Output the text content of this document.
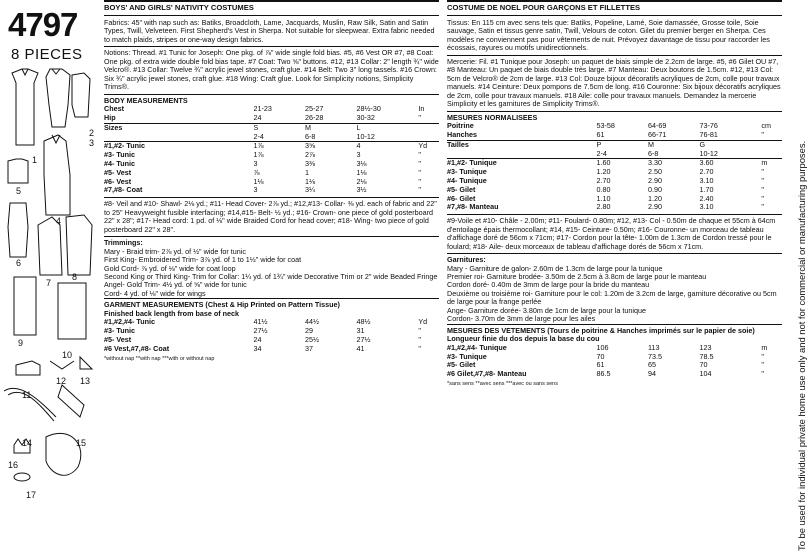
4797
8 PIECES
1
2
3
4
5
6
7
8
9
10
11
12 13
14	15
16
17
BOYS' AND GIRLS' NATIVITY COSTUMES

Fabrics: 45" with nap such as: Batiks, Broadcloth, Lame, Jacquards, Muslin, Raw Silk, Satin and Satin Types, Twill, Velveteen. First Shepherd's Vest in Sherpa. Not suitable for sleepwear. Extra fabric needed to match plaids, stripes or one-way design fabrics.

Notions: Thread. #1 Tunic for Joseph: One pkg. of ⅞" wide single fold bias. #5, #6 Vest OR #7, #8 Coat: One pkg. of extra wide double fold bias tape. #7 Coat: Two ⅝" buttons. #12, #13 Collar: 2" length ¾" wide Velcro®. #13 Collar: Twelve ¾" acrylic jewel stones, craft glue. #14 Belt: Two 3" long tassels. #16 Crown: Six ¾" acrylic jewel stones, craft glue. #18 Wing: Craft glue. Look for Simplicity notions, Simplicity Trims®.

BODY MEASUREMENTS
Chest	21-23	25-27	28½-30	In
Hip	24	26-28	30-32	"
Sizes	S	M	L	
	2-4	6-8	10-12	
#1,#2- Tunic	1⅞	3⅝	4	Yd
#3- Tunic	1⅞	2⅞	3	"
#4- Tunic	3	3⅜	3⅛	"
#5- Vest	⅞	1	1⅛	"
#6- Vest	1⅛	1⅛	2⅛	"
#7,#8- Coat	3	3¼	3½	"

#8- Veil and #10- Shawl- 2⅛ yd.; #11- Head Cover- 2⅞ yd.; #12,#13- Collar- ⅜ yd. each of fabric and 22" to 25" Heavyweight fusible interfacing; #14,#15- Belt- ½ yd.; #16- Crown- one piece of gold posterboard 22" x 28"; #17- Head cord: 1 pd. of ⅛" wide Braided Cord for head cover; #18- Wing- two piece of gold posterboard 22" x 28".

Trimmings:

Mary - Braid trim- 2⅞ yd. of ½" wide for tunic

First King- Embroidered Trim- 3⅞ yd. of 1 to 1½" wide for coat

Gold Cord- ⅞ yd. of ⅛" wide for coat loop

Second King or Third King- Trim for Collar: 1¼ yd. of 1¾" wide Decorative Trim or 2" wide Beaded Fringe

Angel- Gold Trim- 4½ yd. of ⅝" wide for tunic

Cord- 4 yd. of ⅛" wide for wings

GARMENT MEASUREMENTS (Chest & Hip Printed on Pattern Tissue)
Finished back length from base of neck
#1,#2,#4- Tunic	41½	44½	48½	Yd
#3- Tunic	27½	29	31	"
#5- Vest	24	25½	27½	"
#6 Vest,#7,#8- Coat	34	37	41	"
*without nap **with nap ***with or without nap
COSTUME DE NOEL POUR GARÇONS ET FILLETTES

Tissus: En 115 cm avec sens tels que: Batiks, Popeline, Lamé, Soie damassée, Grosse toile, Soie sauvage, Satin et tissus genre satin, Twill, Velours de coton. Gilet du premier berger en Sherpa. Ces modèles ne conviennent pas pour vêtements de nuit. Prévoyez davantage de tissu pour raccorder les écossais, rayures ou motifs unidirectionnels.

Mercerie: Fil. #1 Tunique pour Joseph: un paquet de biais simple de 2.2cm de large. #5, #6 Gilet OU #7, #8 Manteau: Un paquet de biais double très large. #7 Manteau: Deux boutons de 1.5cm. #12, #13 Col: 5cm de Velcro® de 2cm de large. #13 Col: Douze bijoux décoratifs acryliques de 2cm, colle pour travaux manuels. #14 Ceinture: Deux pompons de 7.5cm de long. #16 Couronne: Six bijoux décoratifs acryliques de 2cm, colle pour travaux manuels. #18 Aile: colle pour travaux manuels. Demandez la mercerie Simplicity et les garnitures de Simplicity Trims®.

MESURES NORMALISEES
Poitrine	53-58	64-69	73-76	cm
Hanches	61	66-71	76-81	"
Tailles	P	M	G	
	2-4	6-8	10-12	
#1,#2- Tunique	1.60	3.30	3.60	m
#3- Tunique	1.20	2.50	2.70	"
#4- Tunique	2.70	2.90	3.10	"
#5- Gilet	0.80	0.90	1.70	"
#6- Gilet	1.10	1.20	2.40	"
#7,#8- Manteau	2.80	2.90	3.10	"

#9-Voile et #10- Châle - 2.00m; #11- Foulard- 0.80m; #12, #13- Col - 0.50m de chaque et 55cm à 64cm d'entoilage épais thermocollant; #14, #15- Ceinture- 0.50m; #16- Couronne- un morceau de tableau d'affichage doré de 56cm x 71cm; #17- Cordon pour la tête- 1.00m de 1.3cm de Cordon tressé pour le foulard; #18- Aile- deux morceaux de tableau d'affichage dorés de 56cm x 71cm.

Garnitures:

Mary - Garniture de galon- 2.60m de 1.3cm de large pour la tunique

Premier roi- Garniture brodée- 3.50m de 2.5cm à 3.8cm de large pour le manteau

Cordon doré- 0.40m de 3mm de large pour la bride du manteau

Deuxième ou troisième roi- Garniture pour le col: 1.20m de 3.2cm de large, garniture décorative ou 5cm de large pour la frange perlée

Ange- Garniture dorée- 3.80m de 1cm de large pour la tunique

Cordon- 3.70m de 3mm de large pour les ailes

MESURES DES VETEMENTS (Tours de poitrine & Hanches imprimés sur le papier de soie)
Longueur finie du dos depuis la base du cou
#1,#2,#4- Tunique	106	113	123	m
#3- Tunique	70	73.5	78.5	"
#5- Gilet	61	65	70	"
#6 Gilet,#7,#8- Manteau	86.5	94	104	"
*sans sens **avec sens ***avec ou sans sens	To be used for individual private home use only and not for commercial or manufacturing purposes.
